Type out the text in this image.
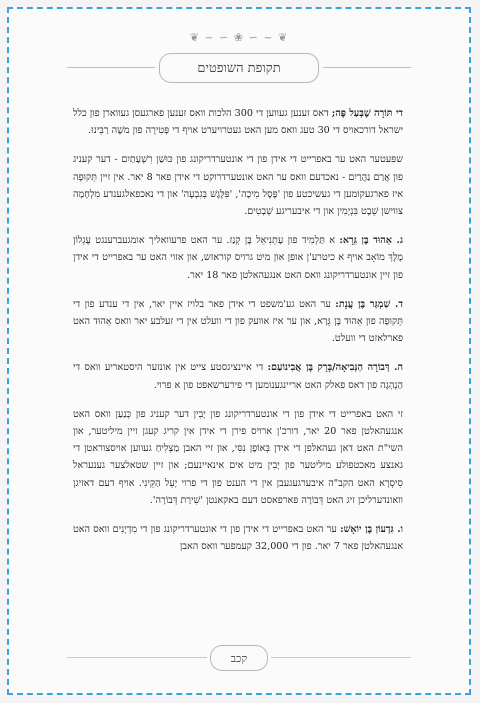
❦ ~ ∽ ❀ ∽ ~ ❦
תקופת השופטים

די תּוֹרָה שֶׁבְּעַל פֶּה; דאס זענען געווען די 300 הלכות וואס זענען פארגעסן געווארן פון כלל ישראל דורכאויס די 30 טעג וואס מען האט געטרויערט אויף די פְּטִירָה פון משֶׁה רַבֵּינוּ.

שפּעטער האט ער באפרייט די אידן פון די אונטערדריקונג פון כּוּשַׁן רִשְׁעָתַיִם - דער קעניג פון אֲרַם נַהֲרַיִם - נאכדעם וואס ער האט אונטערדרוקט די אידן פאר 8 יאר. אין זיין תְּקוּפָה איז פארגעקומען די געשיכטע פון 'פֶּסֶל מִיכָה', 'פִּלֶּגֶשׁ בְּגִבְעָה' און די נאכפאלגענדע מִלְחָמָה צווישן שֵׁבֶט בִּנְיָמִין און די איבעריגע שְׁבָטִים.

ג. אֵהוּד בֶּן גֵּרָא: א תַּלְמִיד פון עָתְנִיאֵל בֶּן קְנַז. ער האט פרעוואליך אומגעברענגט עֶגְלוֹן מֶלֶךְ מוֹאָב אויף א כיטרע'ן אופן און מיט גרויס קוראזש, און אזוי האט ער באפרייט די אידן פון זיין אונטערדריקונג וואס האט אנגעהאלטן פאר 18 יאר.

ד. שַׁמְגַּר בֶּן עֲנָת: ער האט גע'משפט די אידן פאר בלויז איין יאר, אין די ענדע פון די תְּקוּפָה פון אֵהוּד בֶּן גֵּרָא, און ער איז אוועק פון די וועלט אין די זעלבע יאר וואס אֵהוּד האט פארלאזט די וועלט.

ה. דְּבוֹרָה הַנְּבִיאָה/בָּרָק בֶּן אֲבִינוֹעַם: די איינציגסטע צייט אין אונזער היסטאריע וואס די הַנְהָגָה פון דאס פאלק האט אריינגענומען די פירערשאפט פון א פרוי.

זי האט באפרייט די אידן פון די אונטערדריקונג פון יָבִין דער קעניג פון כְּנַעַן וואס האט אנגעהאלטן פאר 20 יאר, דורכ'ן ארויס פירן די אידן אין קריג קעגן זיין מיליטער, און השי"ת האט דאן געהאלפן די אידן בְּאוֹפֶן נִסִּי, און זיי האבן מַצְלִיחַ געווען אויסצוראטן די גאנצע מאכטפולע מיליטער פון יָבִין מיט אים אינאיינעם; און זיין שטאלצער גענעראל סִיסְרָא האט הקב"ה איבערגעגעבן אין די הענט פון די פרוי יָעֵל הַקֵּינִי. אויף דעם דאזיגן וואונדערליכן זיג האט דְּבוֹרָה פארפאסט דעם באקאנטן 'שִׁירַת דְּבוֹרָה'.

ו. גִּדְעוֹן בֶּן יוֹאָשׁ: ער האט באפרייט די אידן פון די אונטערדריקונג פון די מִדְיָנִים וואס האט אנגעהאלטן פאר 7 יאר. פון די 32,000 קעמפער וואס האבן

קכב
